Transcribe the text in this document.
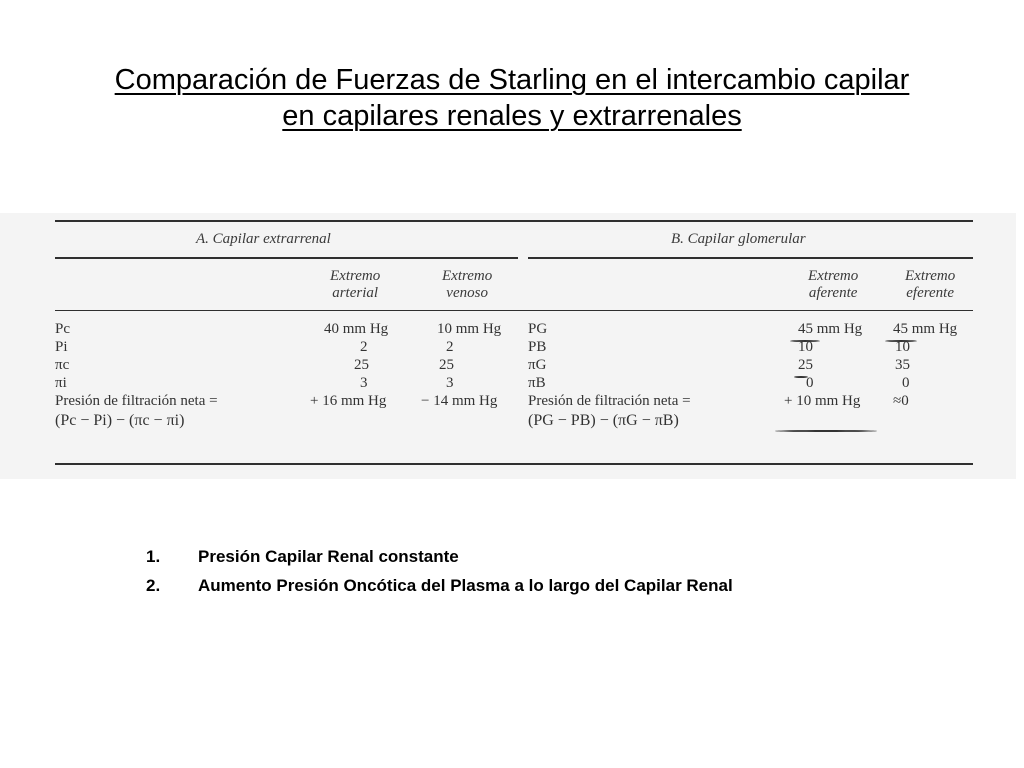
Comparación de Fuerzas de Starling en el intercambio capilar
en capilares renales y extrarrenales
A. Capilar extrarrenal	B. Capilar glomerular
Extremo
arterial
Extremo
venoso
Extremo
aferente
Extremo
eferente
Pc
Pi
πc
πi
Presión de filtración neta =
(Pc − Pi) − (πc − πi)
40 mm Hg
2
25
3
+ 16 mm Hg
10 mm Hg
2
25
3
− 14 mm Hg
PG
PB
πG
πB
Presión de filtración neta =
(PG − PB) − (πG − πB)
45 mm Hg
10
25
0
+ 10 mm Hg
45 mm Hg
10
35
0
≈0
1. Presión Capilar Renal constante
2. Aumento Presión Oncótica del Plasma a lo largo del Capilar Renal
